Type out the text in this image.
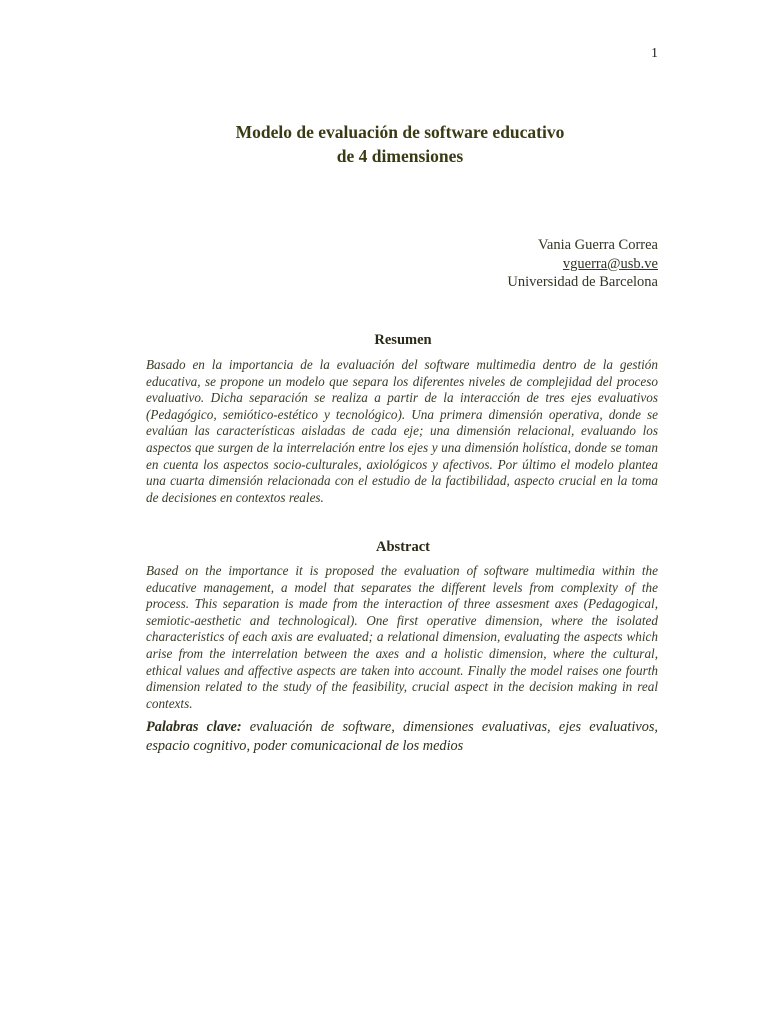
1
Modelo de evaluación de software educativo
de 4 dimensiones
Vania Guerra Correa
vguerra@usb.ve
Universidad de Barcelona
Resumen
Basado en la importancia de la evaluación del software multimedia dentro de la gestión educativa, se propone un modelo que separa los diferentes niveles de complejidad del proceso evaluativo. Dicha separación se realiza a partir de la interacción de tres ejes evaluativos (Pedagógico, semiótico-estético y tecnológico). Una primera dimensión operativa, donde se evalúan las características aisladas de cada eje; una dimensión relacional, evaluando los aspectos que surgen de la interrelación entre los ejes y una dimensión holística, donde se toman en cuenta los aspectos socio-culturales, axiológicos y afectivos. Por último el modelo plantea una cuarta dimensión relacionada con el estudio de la factibilidad, aspecto crucial en la toma de decisiones en contextos reales.
Abstract
Based on the importance it is proposed the evaluation of software multimedia within the educative management, a model that separates the different levels from complexity of the process. This separation is made from the interaction of three assesment axes (Pedagogical, semiotic-aesthetic and technological). One first operative dimension, where the isolated characteristics of each axis are evaluated; a relational dimension, evaluating the aspects which arise from the interrelation between the axes and a holistic dimension, where the cultural, ethical values and affective aspects are taken into account. Finally the model raises one fourth dimension related to the study of the feasibility, crucial aspect in the decision making in real contexts.
Palabras clave: evaluación de software, dimensiones evaluativas, ejes evaluativos, espacio cognitivo, poder comunicacional de los medios
